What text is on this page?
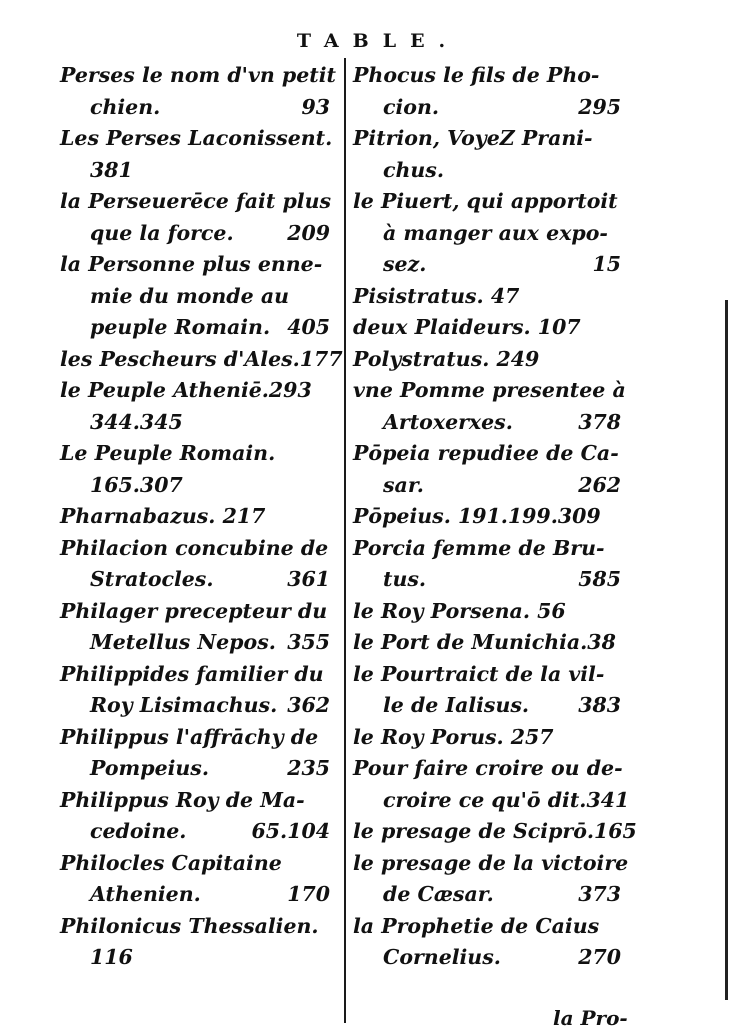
TABLE.
Perses le nom d'vn petit
chien.	93
Les Perses Laconissent.
381
la Perseuerēce fait plus
que la force.	209
la Personne plus enne-
mie du monde au
peuple Romain. 405
les Pescheurs d'Ales.177
le Peuple Atheniē.293
344.345
Le Peuple Romain.
165.307
Pharnabazus. 217
Philacion concubine de
Stratocles.	361
Philager precepteur du
Metellus Nepos. 355
Philippides familier du
Roy Lisimachus. 362
Philippus l'affrāchy de
Pompeius.	235
Philippus Roy de Ma-
cedoine.	65.104
Philocles Capitaine
Athenien.	170
Philonicus Thessalien.
116
Phocus le fils de Pho-
cion.	295
Pitrion, VoyeZ Prani-
chus.
le Piuert, qui apportoit
à manger aux expo-
sez.	15
Pisistratus. 47
deux Plaideurs. 107
Polystratus. 249
vne Pomme presentee à
Artoxerxes.	378
Pōpeia repudiee de Ca-
sar.	262
Pōpeius. 191.199.309
Porcia femme de Bru-
tus.	585
le Roy Porsena. 56
le Port de Munichia.38
le Pourtraict de la vil-
le de Ialisus. 383
le Roy Porus. 257
Pour faire croire ou de-
croire ce qu'ō dit. 341
le presage de Sciprō.165
le presage de la victoire
de Cæsar.	373
la Prophetie de Caius
Cornelius.	270
la Pro-
